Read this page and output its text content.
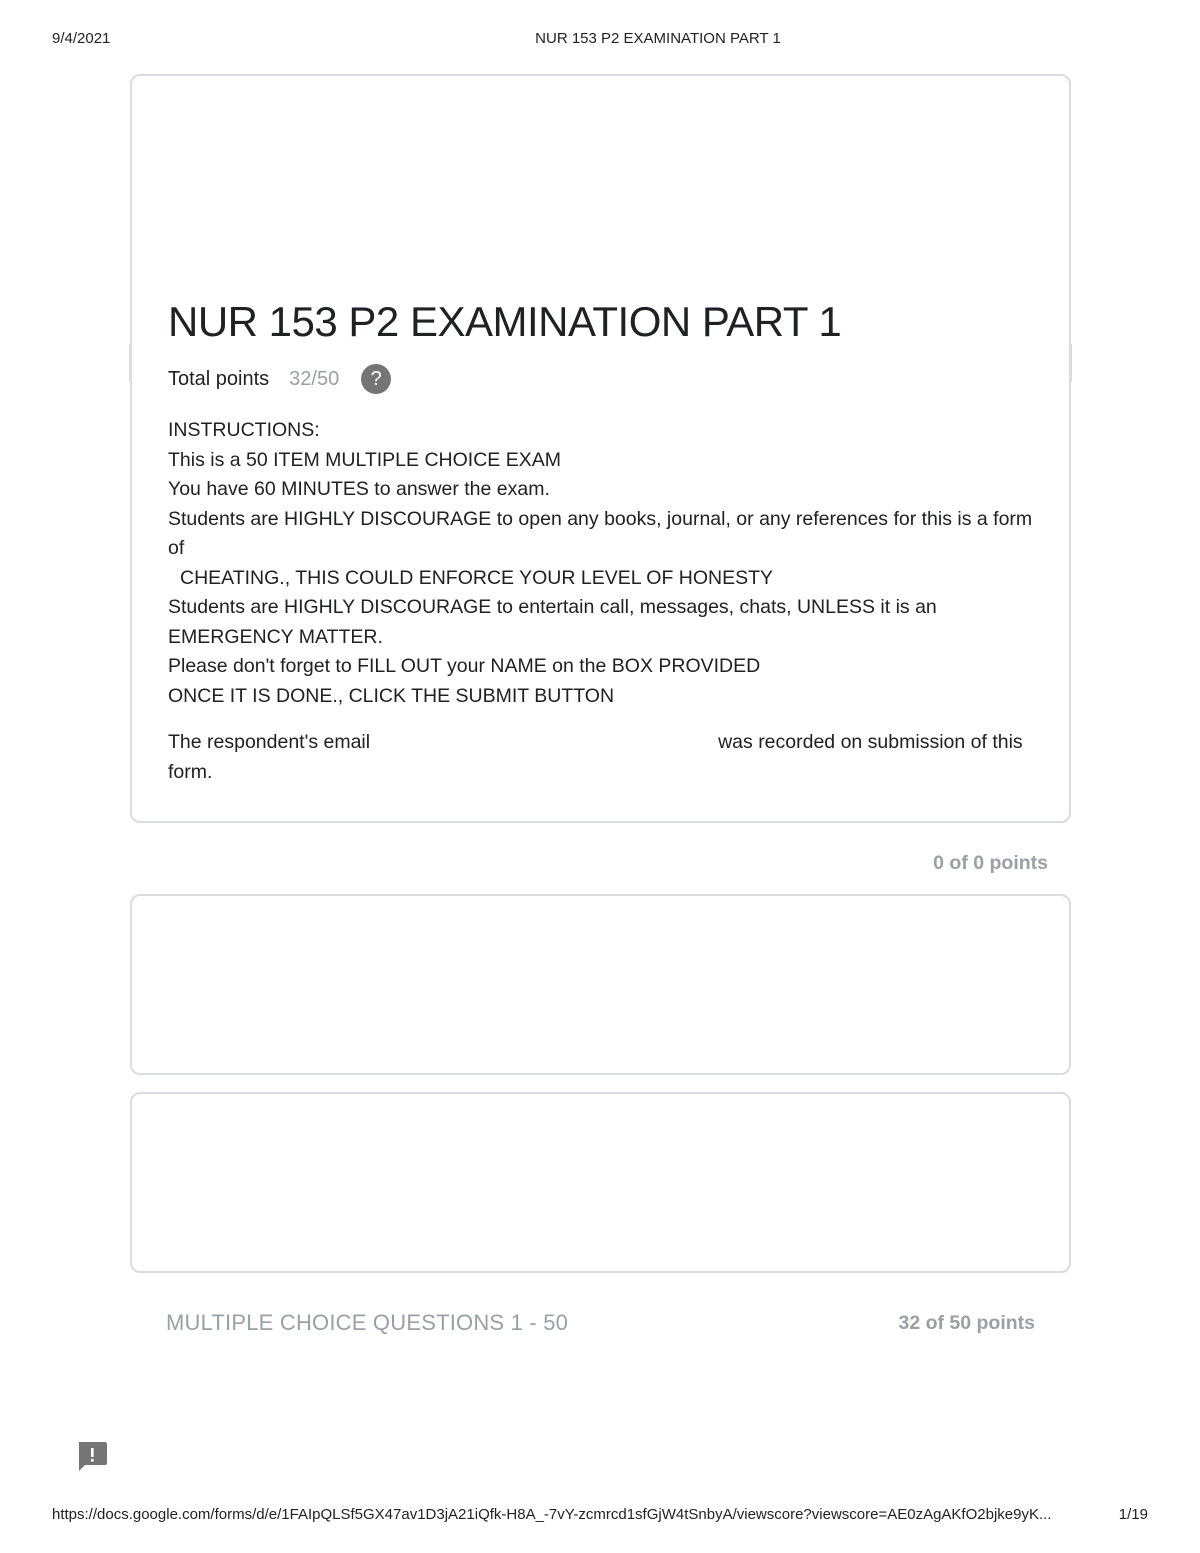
9/4/2021	NUR 153 P2 EXAMINATION PART 1
NUR 153 P2 EXAMINATION PART 1
Total points 32/50	?
INSTRUCTIONS:
This is a 50 ITEM MULTIPLE CHOICE EXAM
You have 60 MINUTES to answer the exam.
Students are HIGHLY DISCOURAGE to open any books, journal, or any references for this is a form of
CHEATING., THIS COULD ENFORCE YOUR LEVEL OF HONESTY
Students are HIGHLY DISCOURAGE to entertain call, messages, chats, UNLESS it is an EMERGENCY MATTER.
Please don't forget to FILL OUT your NAME on the BOX PROVIDED
ONCE IT IS DONE., CLICK THE SUBMIT BUTTON
The respondent's email	was recorded on submission of this form.
0 of 0 points
MULTIPLE CHOICE QUESTIONS 1 - 50	32 of 50 points
https://docs.google.com/forms/d/e/1FAIpQLSf5GX47av1D3jA21iQfk-H8A_-7vY-zcmrcd1sfGjW4tSnbyA/viewscore?viewscore=AE0zAgAKfO2bjke9yK...	1/19
